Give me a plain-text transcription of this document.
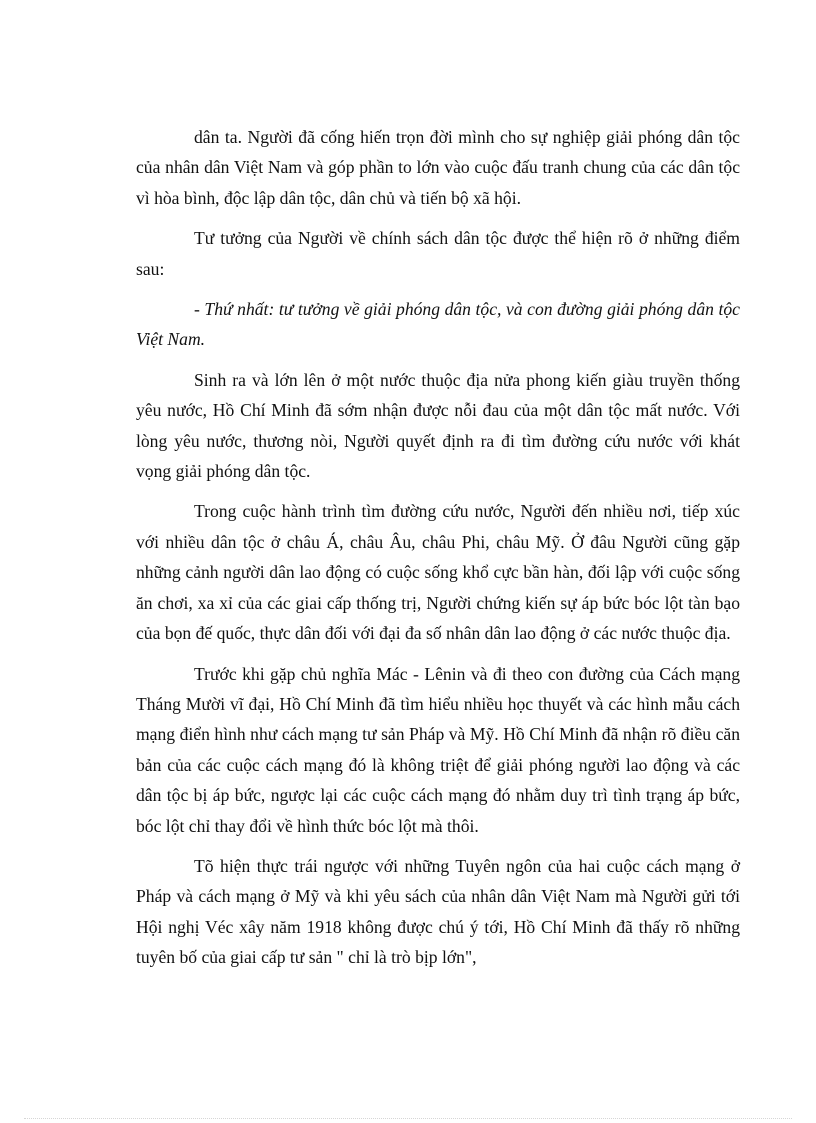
dân ta. Người đã cống hiến trọn đời mình cho sự nghiệp giải phóng dân tộc của nhân dân Việt Nam và góp phần to lớn vào cuộc đấu tranh chung của các dân tộc vì hòa bình, độc lập dân tộc, dân chủ và tiến bộ xã hội.

Tư tưởng của Người về chính sách dân tộc được thể hiện rõ ở những điểm sau:

- Thứ nhất: tư tưởng về giải phóng dân tộc, và con đường giải phóng dân tộc Việt Nam.

Sinh ra và lớn lên ở một nước thuộc địa nửa phong kiến giàu truyền thống yêu nước, Hồ Chí Minh đã sớm nhận được nỗi đau của một dân tộc mất nước. Với lòng yêu nước, thương nòi, Người quyết định ra đi tìm đường cứu nước với khát vọng giải phóng dân tộc.

Trong cuộc hành trình tìm đường cứu nước, Người đến nhiều nơi, tiếp xúc với nhiều dân tộc ở châu Á, châu Âu, châu Phi, châu Mỹ. Ở đâu Người cũng gặp những cảnh người dân lao động có cuộc sống khổ cực bần hàn, đối lập với cuộc sống ăn chơi, xa xỉ của các giai cấp thống trị, Người chứng kiến sự áp bức bóc lột tàn bạo của bọn đế quốc, thực dân đối với đại đa số nhân dân lao động ở các nước thuộc địa.

Trước khi gặp chủ nghĩa Mác - Lênin và đi theo con đường của Cách mạng Tháng Mười vĩ đại, Hồ Chí Minh đã tìm hiểu nhiều học thuyết và các hình mẫu cách mạng điển hình như cách mạng tư sản Pháp và Mỹ. Hồ Chí Minh đã nhận rõ điều căn bản của các cuộc cách mạng đó là không triệt để giải phóng người lao động và các dân tộc bị áp bức, ngược lại các cuộc cách mạng đó nhằm duy trì tình trạng áp bức, bóc lột chỉ thay đổi về hình thức bóc lột mà thôi.

Tõ hiện thực trái ngược với những Tuyên ngôn của hai cuộc cách mạng ở Pháp và cách mạng ở Mỹ và khi yêu sách của nhân dân Việt Nam mà Người gửi tới Hội nghị Véc xây năm 1918 không được chú ý tới, Hồ Chí Minh đã thấy rõ những tuyên bố của giai cấp tư sản " chỉ là trò bịp lớn",
